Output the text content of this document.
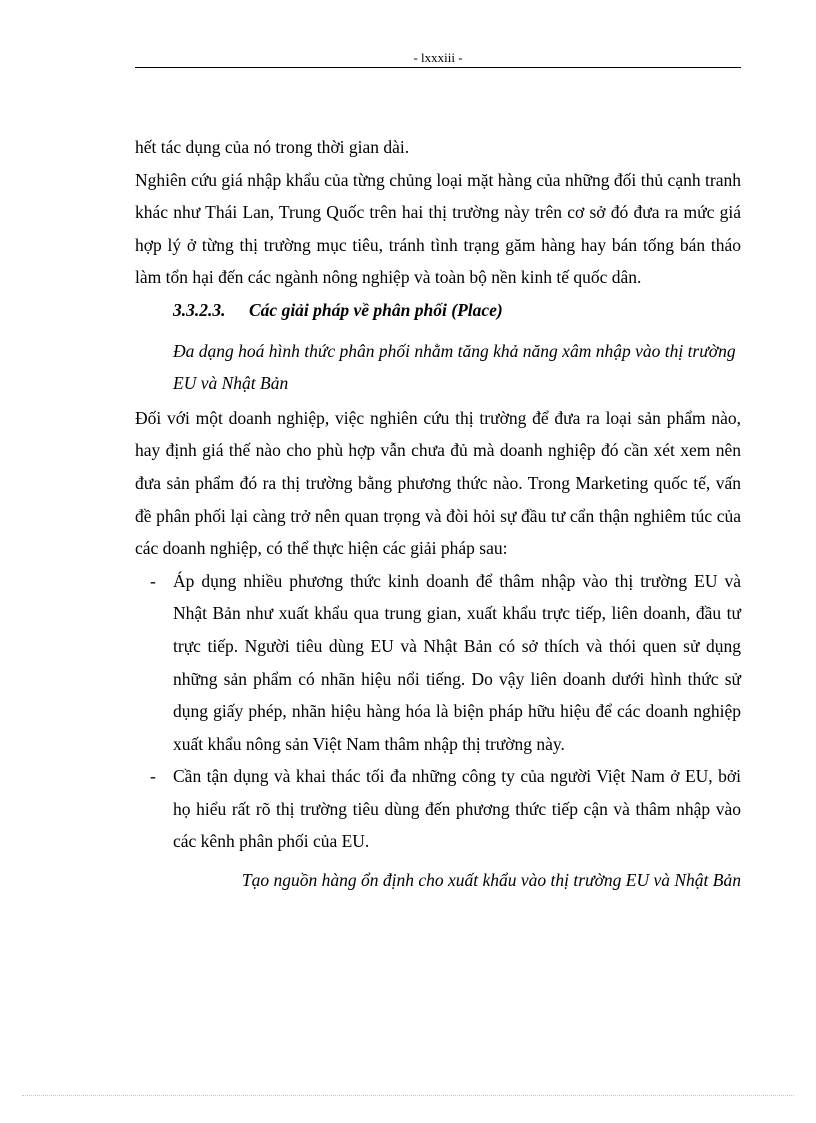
- lxxxiii -

hết tác dụng của nó trong thời gian dài.

Nghiên cứu giá nhập khẩu của từng chủng loại mặt hàng của những đối thủ cạnh tranh khác như Thái Lan, Trung Quốc trên hai thị trường này trên cơ sở đó đưa ra mức giá hợp lý ở từng thị trường mục tiêu, tránh tình trạng găm hàng hay bán tống bán tháo làm tổn hại đến các ngành nông nghiệp và toàn bộ nền kinh tế quốc dân.

3.3.2.3. Các giải pháp về phân phối (Place)

Đa dạng hoá hình thức phân phối nhằm tăng khả năng xâm nhập vào thị trường EU và Nhật Bản

Đối với một doanh nghiệp, việc nghiên cứu thị trường để đưa ra loại sản phẩm nào, hay định giá thế nào cho phù hợp vẫn chưa đủ mà doanh nghiệp đó cần xét xem nên đưa sản phẩm đó ra thị trường bằng phương thức nào. Trong Marketing quốc tế, vấn đề phân phối lại càng trở nên quan trọng và đòi hỏi sự đầu tư cẩn thận nghiêm túc của các doanh nghiệp, có thể thực hiện các giải pháp sau:

- Áp dụng nhiều phương thức kinh doanh để thâm nhập vào thị trường EU và Nhật Bản như xuất khẩu qua trung gian, xuất khẩu trực tiếp, liên doanh, đầu tư trực tiếp. Người tiêu dùng EU và Nhật Bản có sở thích và thói quen sử dụng những sản phẩm có nhãn hiệu nổi tiếng. Do vậy liên doanh dưới hình thức sử dụng giấy phép, nhãn hiệu hàng hóa là biện pháp hữu hiệu để các doanh nghiệp xuất khẩu nông sản Việt Nam thâm nhập thị trường này.
- Cần tận dụng và khai thác tối đa những công ty của người Việt Nam ở EU, bởi họ hiểu rất rõ thị trường tiêu dùng đến phương thức tiếp cận và thâm nhập vào các kênh phân phối của EU.

Tạo nguồn hàng ổn định cho xuất khẩu vào thị trường EU và Nhật Bản
